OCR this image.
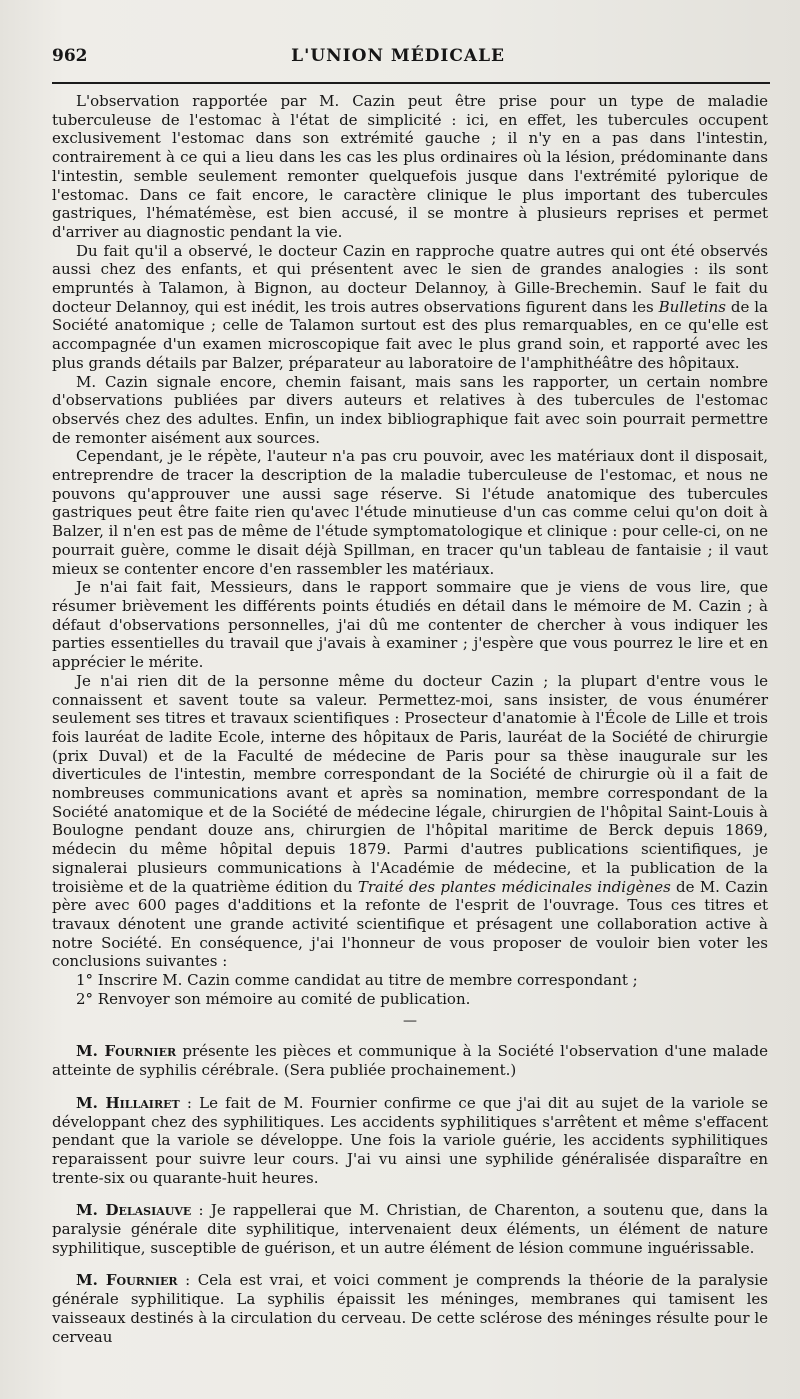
962	L'UNION MÉDICALE

L'observation rapportée par M. Cazin peut être prise pour un type de maladie tuberculeuse de l'estomac à l'état de simplicité : ici, en effet, les tubercules occupent exclusivement l'estomac dans son extrémité gauche ; il n'y en a pas dans l'intestin, contrairement à ce qui a lieu dans les cas les plus ordinaires où la lésion, prédominante dans l'intestin, semble seulement remonter quelquefois jusque dans l'extrémité pylorique de l'estomac. Dans ce fait encore, le caractère clinique le plus important des tubercules gastriques, l'hématémèse, est bien accusé, il se montre à plusieurs reprises et permet d'arriver au diagnostic pendant la vie.

Du fait qu'il a observé, le docteur Cazin en rapproche quatre autres qui ont été observés aussi chez des enfants, et qui présentent avec le sien de grandes analogies : ils sont empruntés à Talamon, à Bignon, au docteur Delannoy, à Gille-Brechemin. Sauf le fait du docteur Delannoy, qui est inédit, les trois autres observations figurent dans les Bulletins de la Société anatomique ; celle de Talamon surtout est des plus remarquables, en ce qu'elle est accompagnée d'un examen microscopique fait avec le plus grand soin, et rapporté avec les plus grands détails par Balzer, préparateur au laboratoire de l'amphithéâtre des hôpitaux.

M. Cazin signale encore, chemin faisant, mais sans les rapporter, un certain nombre d'observations publiées par divers auteurs et relatives à des tubercules de l'estomac observés chez des adultes. Enfin, un index bibliographique fait avec soin pourrait permettre de remonter aisément aux sources.

Cependant, je le répète, l'auteur n'a pas cru pouvoir, avec les matériaux dont il disposait, entreprendre de tracer la description de la maladie tuberculeuse de l'estomac, et nous ne pouvons qu'approuver une aussi sage réserve. Si l'étude anatomique des tubercules gastriques peut être faite rien qu'avec l'étude minutieuse d'un cas comme celui qu'on doit à Balzer, il n'en est pas de même de l'étude symptomatologique et clinique : pour celle-ci, on ne pourrait guère, comme le disait déjà Spillman, en tracer qu'un tableau de fantaisie ; il vaut mieux se contenter encore d'en rassembler les matériaux.

Je n'ai fait fait, Messieurs, dans le rapport sommaire que je viens de vous lire, que résumer brièvement les différents points étudiés en détail dans le mémoire de M. Cazin ; à défaut d'observations personnelles, j'ai dû me contenter de chercher à vous indiquer les parties essentielles du travail que j'avais à examiner ; j'espère que vous pourrez le lire et en apprécier le mérite.

Je n'ai rien dit de la personne même du docteur Cazin ; la plupart d'entre vous le connaissent et savent toute sa valeur. Permettez-moi, sans insister, de vous énumérer seulement ses titres et travaux scientifiques : Prosecteur d'anatomie à l'École de Lille et trois fois lauréat de ladite Ecole, interne des hôpitaux de Paris, lauréat de la Société de chirurgie (prix Duval) et de la Faculté de médecine de Paris pour sa thèse inaugurale sur les diverticules de l'intestin, membre correspondant de la Société de chirurgie où il a fait de nombreuses communications avant et après sa nomination, membre correspondant de la Société anatomique et de la Société de médecine légale, chirurgien de l'hôpital Saint-Louis à Boulogne pendant douze ans, chirurgien de l'hôpital maritime de Berck depuis 1869, médecin du même hôpital depuis 1879. Parmi d'autres publications scientifiques, je signalerai plusieurs communications à l'Académie de médecine, et la publication de la troisième et de la quatrième édition du Traité des plantes médicinales indigènes de M. Cazin père avec 600 pages d'additions et la refonte de l'esprit de l'ouvrage. Tous ces titres et travaux dénotent une grande activité scientifique et présagent une collaboration active à notre Société. En conséquence, j'ai l'honneur de vous proposer de vouloir bien voter les conclusions suivantes :

1° Inscrire M. Cazin comme candidat au titre de membre correspondant ;

2° Renvoyer son mémoire au comité de publication.

—

M. Fournier présente les pièces et communique à la Société l'observation d'une malade atteinte de syphilis cérébrale. (Sera publiée prochainement.)

M. Hillairet : Le fait de M. Fournier confirme ce que j'ai dit au sujet de la variole se développant chez des syphilitiques. Les accidents syphilitiques s'arrêtent et même s'effacent pendant que la variole se développe. Une fois la variole guérie, les accidents syphilitiques reparaissent pour suivre leur cours. J'ai vu ainsi une syphilide généralisée disparaître en trente-six ou quarante-huit heures.

M. Delasiauve : Je rappellerai que M. Christian, de Charenton, a soutenu que, dans la paralysie générale dite syphilitique, intervenaient deux éléments, un élément de nature syphilitique, susceptible de guérison, et un autre élément de lésion commune inguérissable.

M. Fournier : Cela est vrai, et voici comment je comprends la théorie de la paralysie générale syphilitique. La syphilis épaissit les méninges, membranes qui tamisent les vaisseaux destinés à la circulation du cerveau. De cette sclérose des méninges résulte pour le cerveau
